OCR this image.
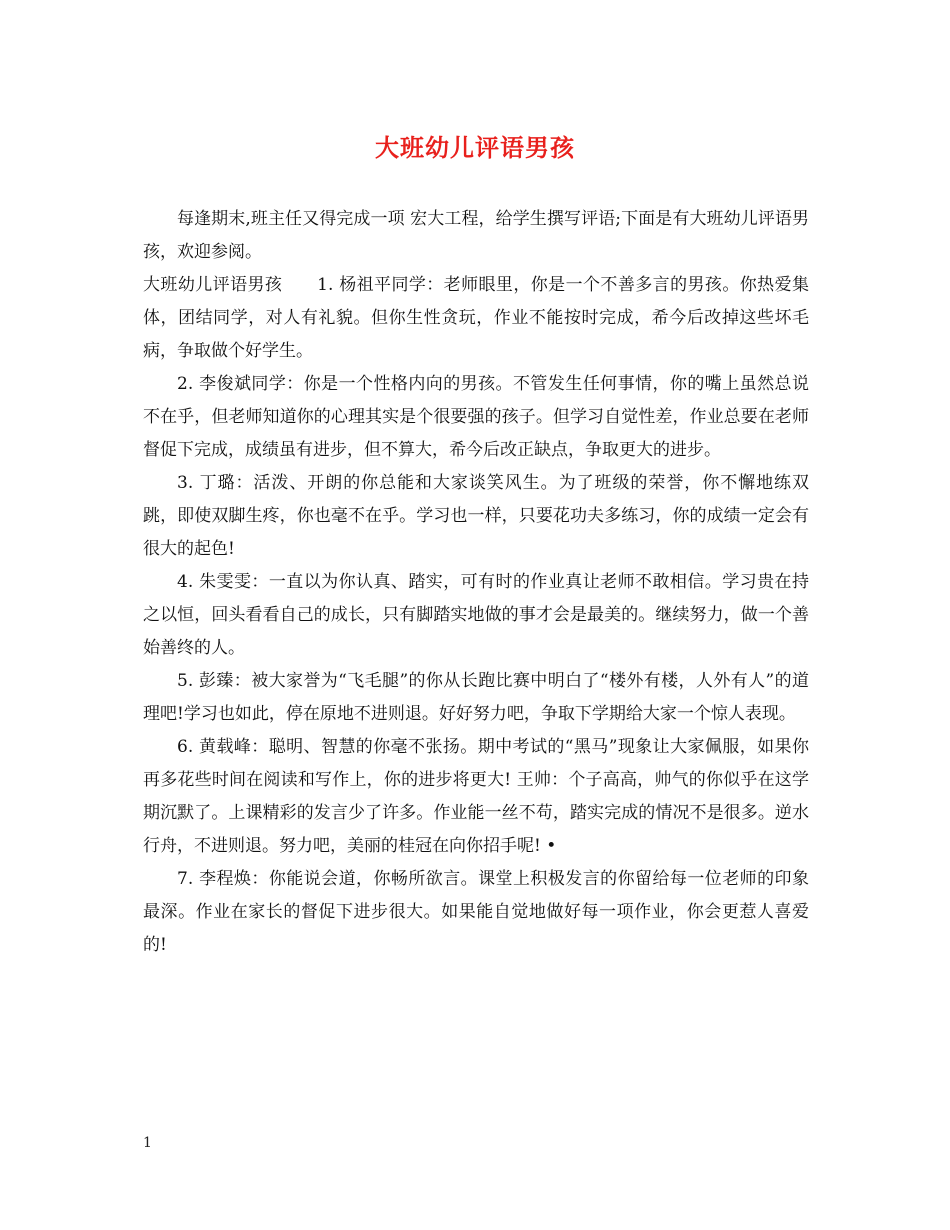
大班幼儿评语男孩

每逢期末,班主任又得完成一项 宏大工程，给学生撰写评语;下面是有大班幼儿评语男孩，欢迎参阅。

大班幼儿评语男孩　　1. 杨祖平同学：老师眼里，你是一个不善多言的男孩。你热爱集体，团结同学，对人有礼貌。但你生性贪玩，作业不能按时完成，希今后改掉这些坏毛病，争取做个好学生。

2. 李俊斌同学：你是一个性格内向的男孩。不管发生任何事情，你的嘴上虽然总说不在乎，但老师知道你的心理其实是个很要强的孩子。但学习自觉性差，作业总要在老师督促下完成，成绩虽有进步，但不算大，希今后改正缺点，争取更大的进步。

3. 丁璐：活泼、开朗的你总能和大家谈笑风生。为了班级的荣誉，你不懈地练双跳，即使双脚生疼，你也毫不在乎。学习也一样，只要花功夫多练习，你的成绩一定会有很大的起色!

4. 朱雯雯：一直以为你认真、踏实，可有时的作业真让老师不敢相信。学习贵在持之以恒，回头看看自己的成长，只有脚踏实地做的事才会是最美的。继续努力，做一个善始善终的人。

5. 彭臻：被大家誉为“飞毛腿”的你从长跑比赛中明白了“楼外有楼，人外有人”的道理吧!学习也如此，停在原地不进则退。好好努力吧，争取下学期给大家一个惊人表现。

6. 黄载峰：聪明、智慧的你毫不张扬。期中考试的“黑马”现象让大家佩服，如果你再多花些时间在阅读和写作上，你的进步将更大! 王帅：个子高高，帅气的你似乎在这学期沉默了。上课精彩的发言少了许多。作业能一丝不苟，踏实完成的情况不是很多。逆水行舟，不进则退。努力吧，美丽的桂冠在向你招手呢! •

7. 李程焕：你能说会道，你畅所欲言。课堂上积极发言的你留给每一位老师的印象最深。作业在家长的督促下进步很大。如果能自觉地做好每一项作业，你会更惹人喜爱的!

1
